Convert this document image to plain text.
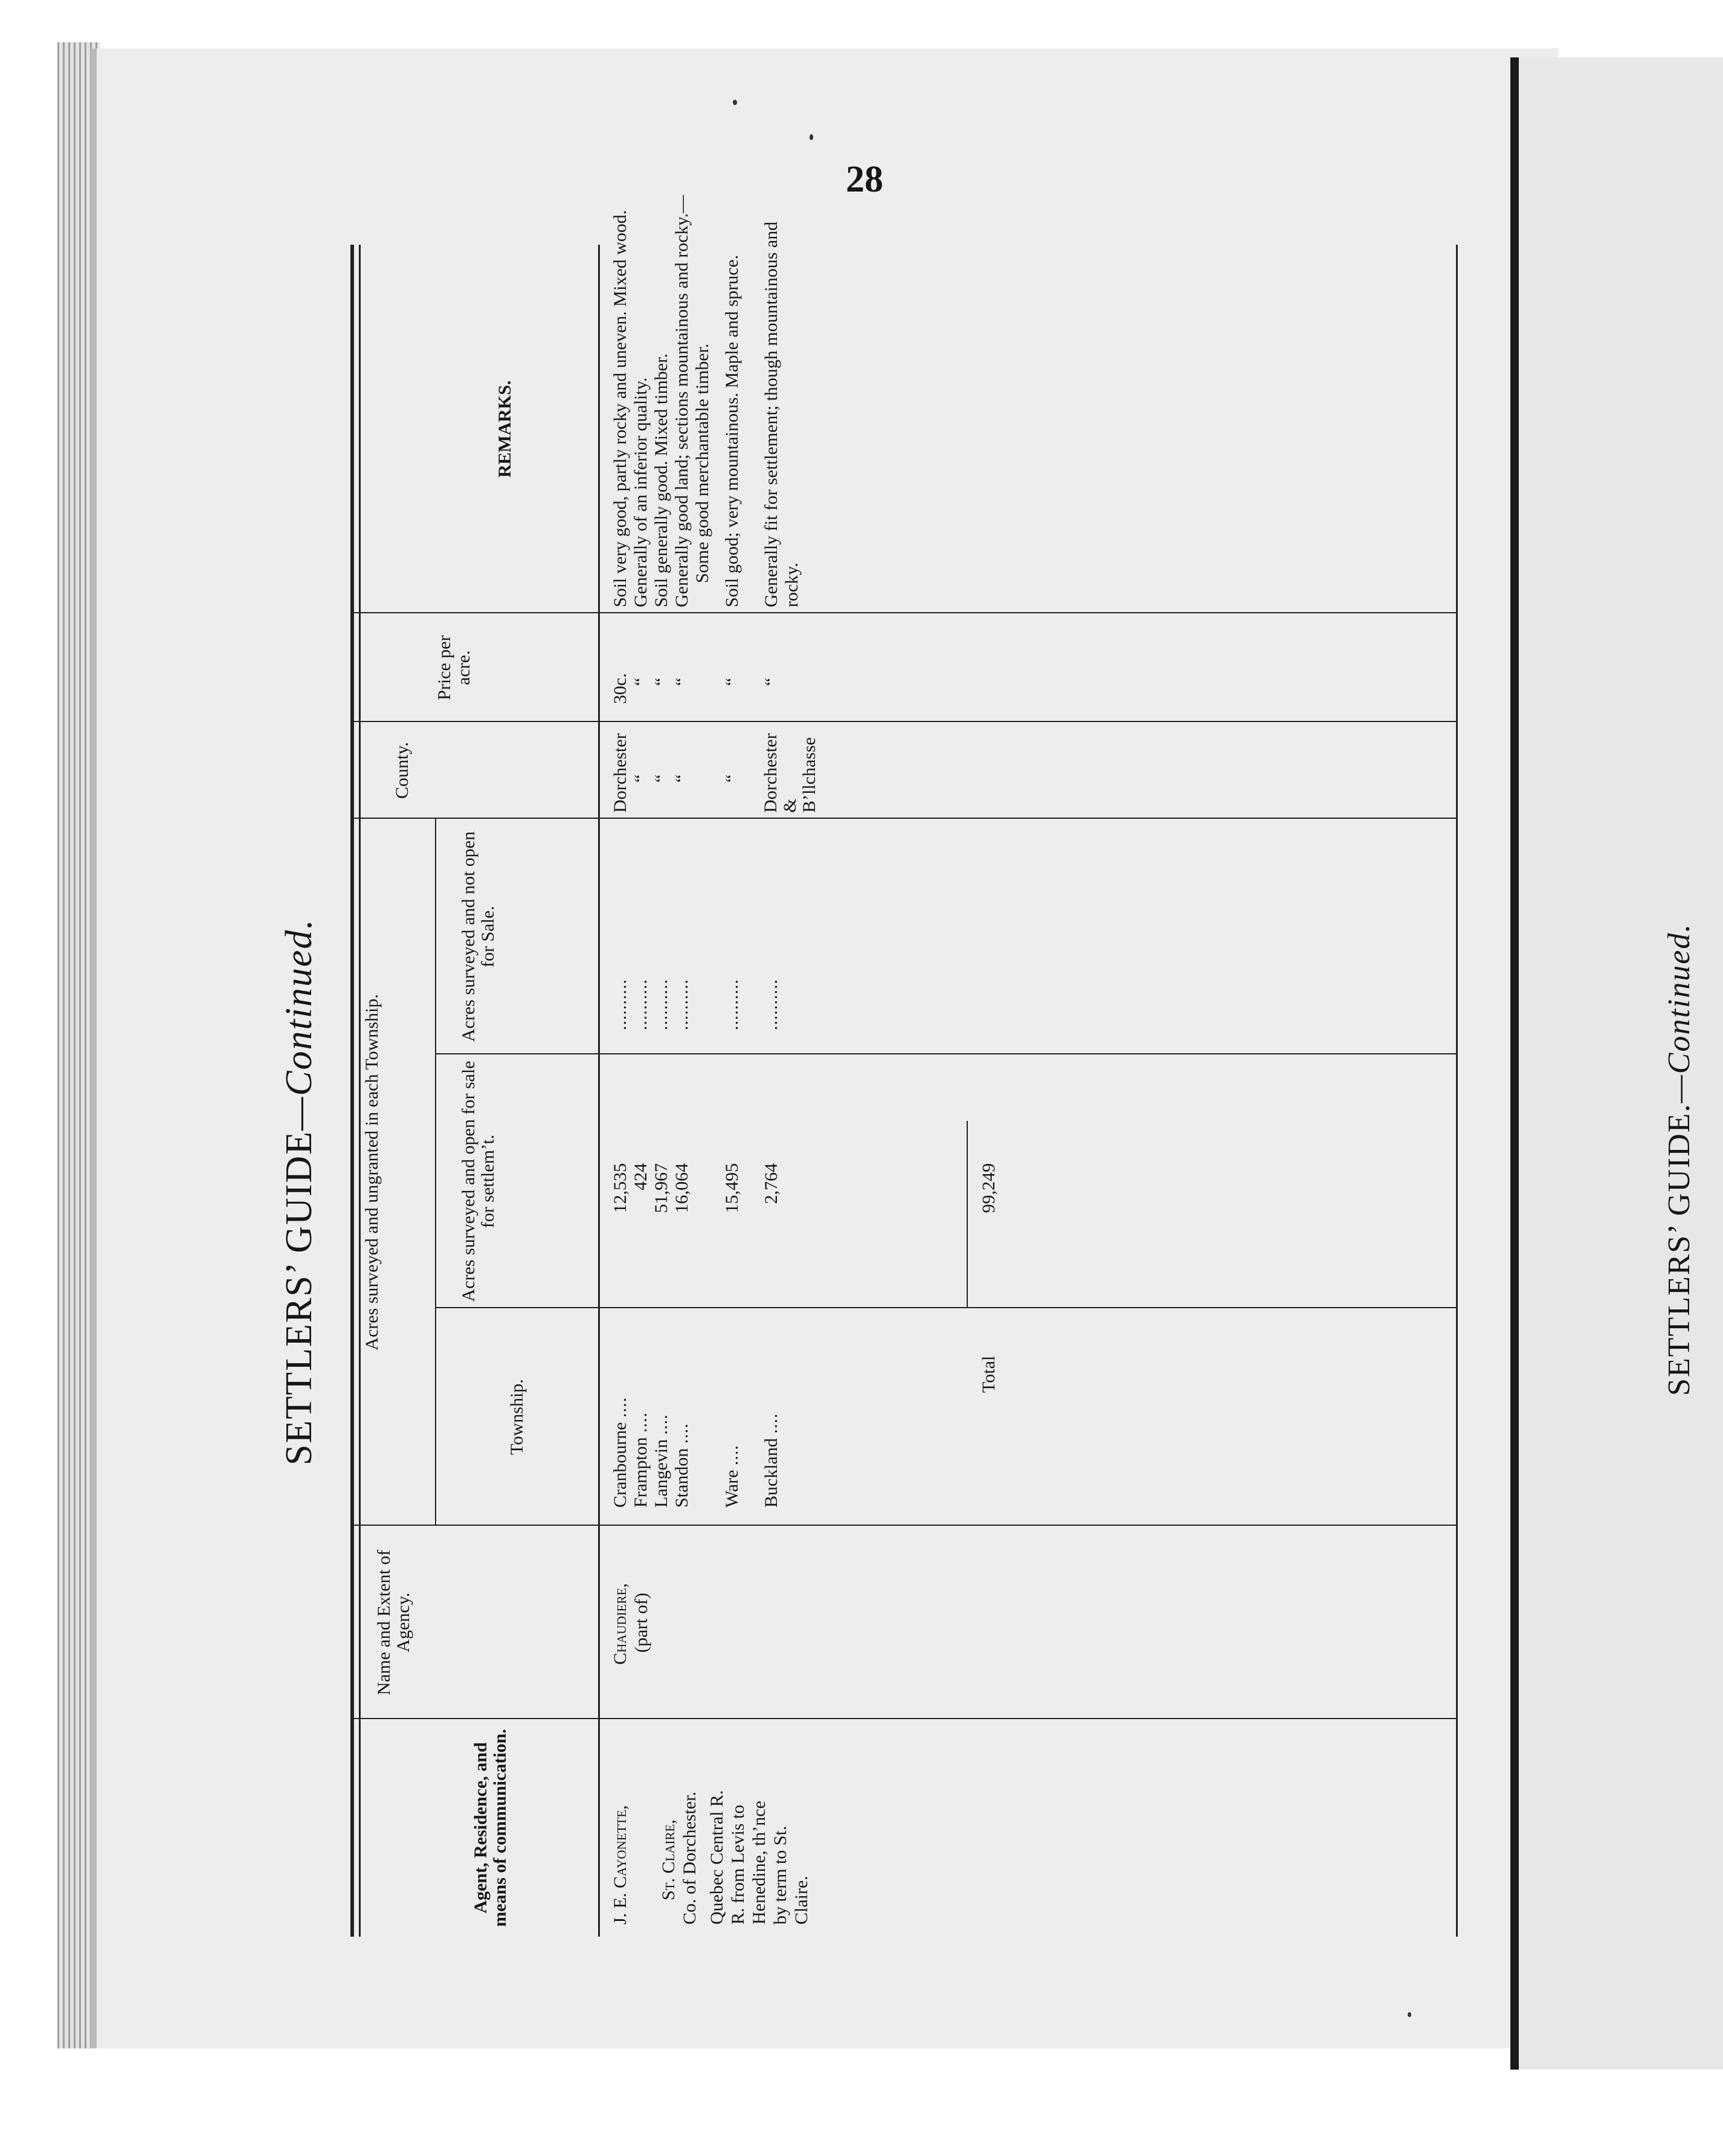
28
SETTLERS’ GUIDE.—Continued.
SETTLERS’ GUIDE—Continued.
Agent, Residence, and means of communication.
Name and Extent of Agency.
Acres surveyed and ungranted in each Township.
Township.
Acres surveyed and open for sale for settlem’t.
Acres surveyed and not open for Sale.
County.
Price per acre.
REMARKS.
J. E. Cayonette, St. Claire, Co. of Dorchester. Quebec Central R. R. from Levis to Henedine, th’nce by term to St. Claire.
Chaudiere, (part of)
Cranbourne ....
12,535
..........
Dorchester
30c.
Soil very good, partly rocky and uneven. Mixed wood.
Frampton ....
424
..........
“
“
Generally of an inferior quality.
Langevin ....
51,967
..........
“
“
Soil generally good. Mixed timber.
Standon ....
16,064
..........
“
“
Generally good land; sections mountainous and rocky.— Some good merchantable timber.
Ware ....
15,495
..........
“
“
Soil good; very mountainous. Maple and spruce.
Buckland ....
2,764
..........
Dorchester & B’llchasse
“
Generally fit for settlement; though mountainous and rocky.
Total
99,249
